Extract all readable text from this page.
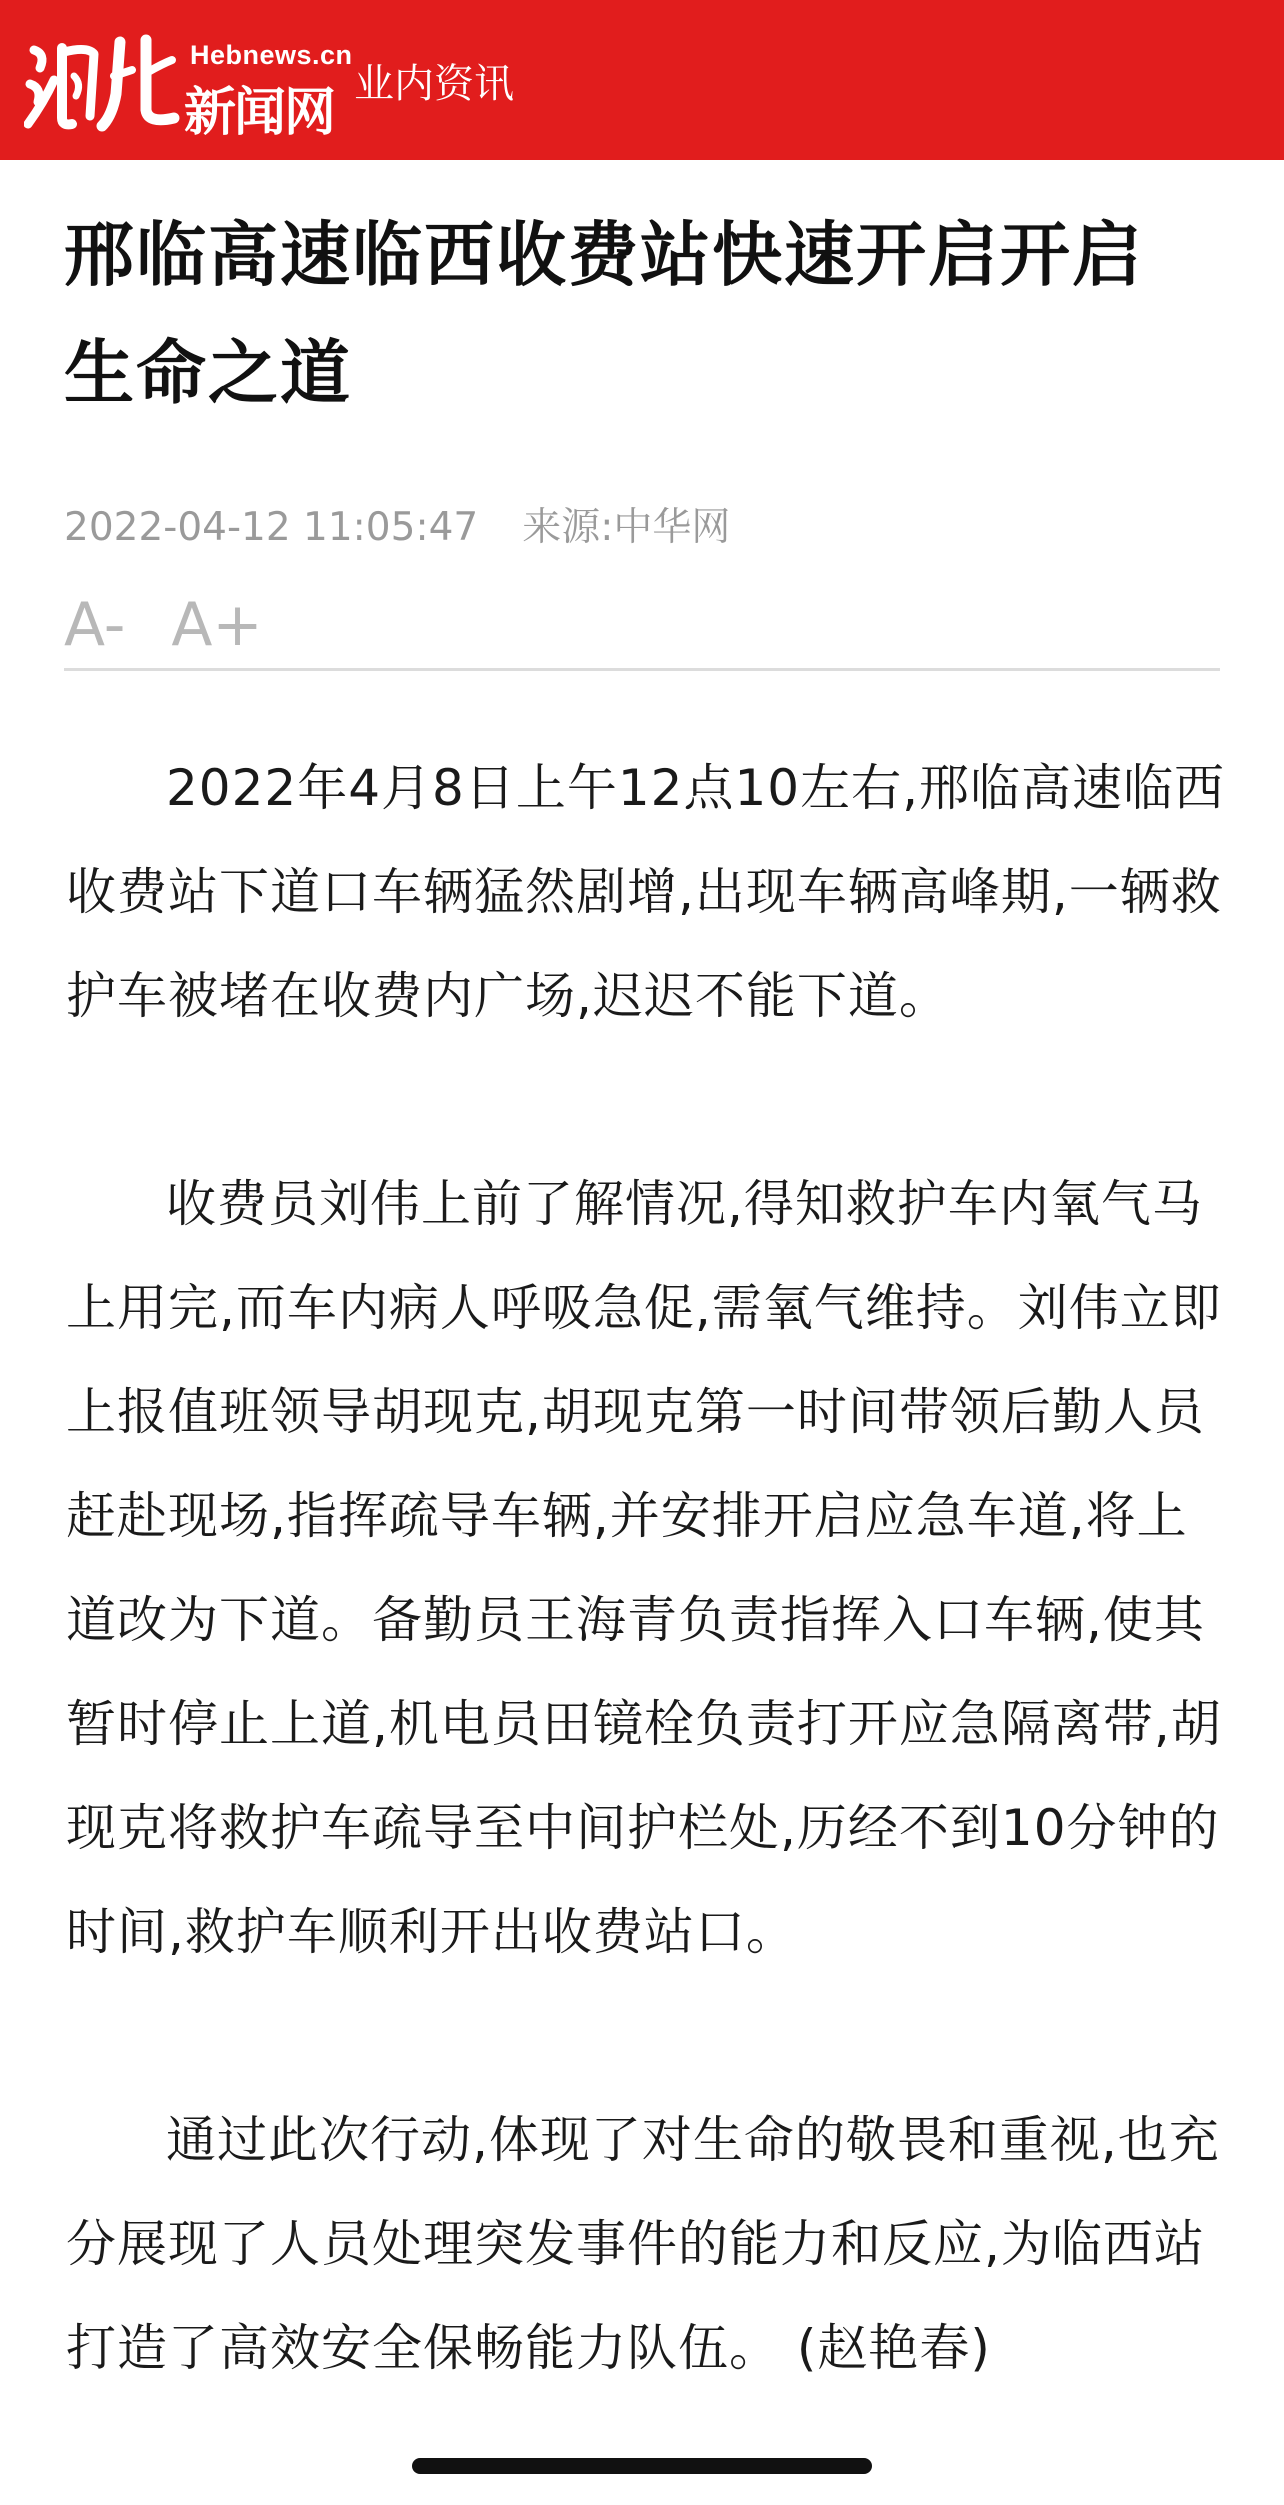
Hebnews.cn
新闻网 业内资讯
邢临高速临西收费站快速开启开启生命之道
2022-04-12 11:05:47 来源:中华网
A- A+

2022年4月8日上午12点10左右,邢临高速临西收费站下道口车辆猛然剧增,出现车辆高峰期,一辆救护车被堵在收费内广场,迟迟不能下道。

收费员刘伟上前了解情况,得知救护车内氧气马上用完,而车内病人呼吸急促,需氧气维持。刘伟立即上报值班领导胡现克,胡现克第一时间带领后勤人员赶赴现场,指挥疏导车辆,并安排开启应急车道,将上道改为下道。备勤员王海青负责指挥入口车辆,使其暂时停止上道,机电员田镜栓负责打开应急隔离带,胡现克将救护车疏导至中间护栏处,历经不到10分钟的时间,救护车顺利开出收费站口。

通过此次行动,体现了对生命的敬畏和重视,也充分展现了人员处理突发事件的能力和反应,为临西站打造了高效安全保畅能力队伍。 (赵艳春)
